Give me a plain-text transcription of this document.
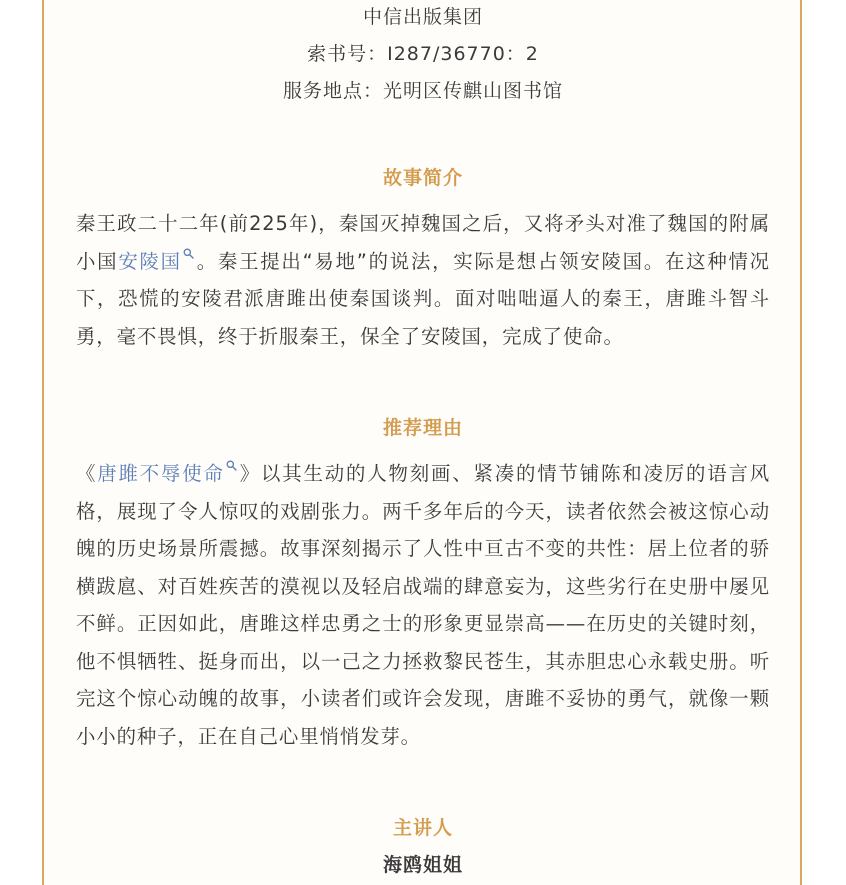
中信出版集团
索书号：I287/36770：2
服务地点：光明区传麒山图书馆
故事简介
秦王政二十二年(前225年)，秦国灭掉魏国之后，又将矛头对准了魏国的附属小国安陵国 。秦王提出“易地”的说法，实际是想占领安陵国。在这种情况下，恐慌的安陵君派唐雎出使秦国谈判。面对咄咄逼人的秦王，唐雎斗智斗勇，毫不畏惧，终于折服秦王，保全了安陵国，完成了使命。
推荐理由
《唐雎不辱使命 》以其生动的人物刻画、紧凑的情节铺陈和凌厉的语言风格，展现了令人惊叹的戏剧张力。两千多年后的今天，读者依然会被这惊心动魄的历史场景所震撼。故事深刻揭示了人性中亘古不变的共性：居上位者的骄横跋扈、对百姓疾苦的漠视以及轻启战端的肆意妄为，这些劣行在史册中屡见不鲜。正因如此，唐雎这样忠勇之士的形象更显崇高——在历史的关键时刻，他不惧牺牲、挺身而出，以一己之力拯救黎民苍生，其赤胆忠心永载史册。听完这个惊心动魄的故事，小读者们或许会发现，唐雎不妥协的勇气，就像一颗小小的种子，正在自己心里悄悄发芽。
主讲人
海鸥姐姐
